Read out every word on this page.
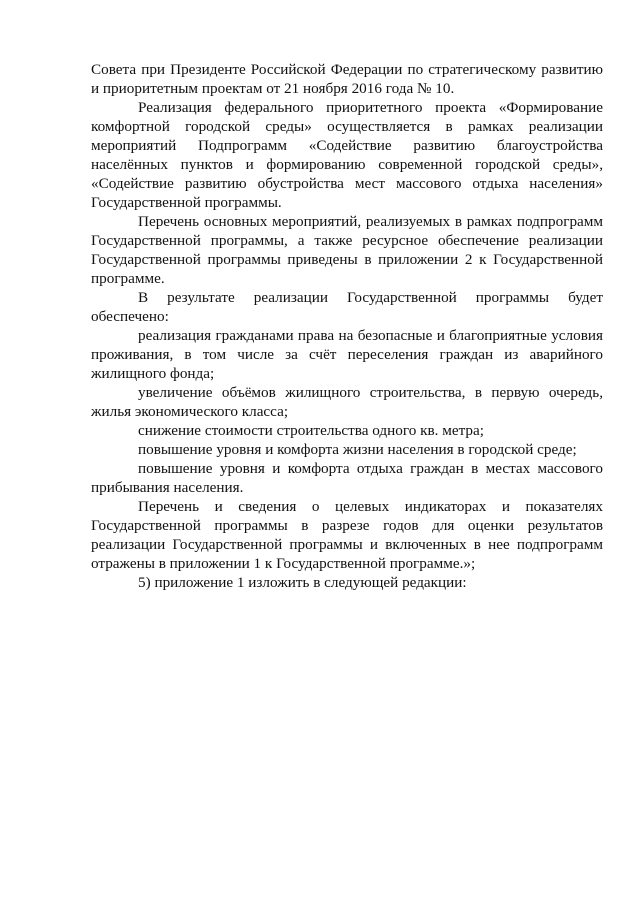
Совета при Президенте Российской Федерации по стратегическому развитию и приоритетным проектам от 21 ноября 2016 года № 10.

Реализация федерального приоритетного проекта «Формирование комфортной городской среды» осуществляется в рамках реализации мероприятий Подпрограмм «Содействие развитию благоустройства населённых пунктов и формированию современной городской среды», «Содействие развитию обустройства мест массового отдыха населения» Государственной программы.

Перечень основных мероприятий, реализуемых в рамках подпрограмм Государственной программы, а также ресурсное обеспечение реализации Государственной программы приведены в приложении 2 к Государственной программе.

В результате реализации Государственной программы будет обеспечено:

реализация гражданами права на безопасные и благоприятные условия проживания, в том числе за счёт переселения граждан из аварийного жилищного фонда;

увеличение объёмов жилищного строительства, в первую очередь, жилья экономического класса;

снижение стоимости строительства одного кв. метра;

повышение уровня и комфорта жизни населения в городской среде;

повышение уровня и комфорта отдыха граждан в местах массового прибывания населения.

Перечень и сведения о целевых индикаторах и показателях Государственной программы в разрезе годов для оценки результатов реализации Государственной программы и включенных в нее подпрограмм отражены в приложении 1 к Государственной программе.»;

5) приложение 1 изложить в следующей редакции:
